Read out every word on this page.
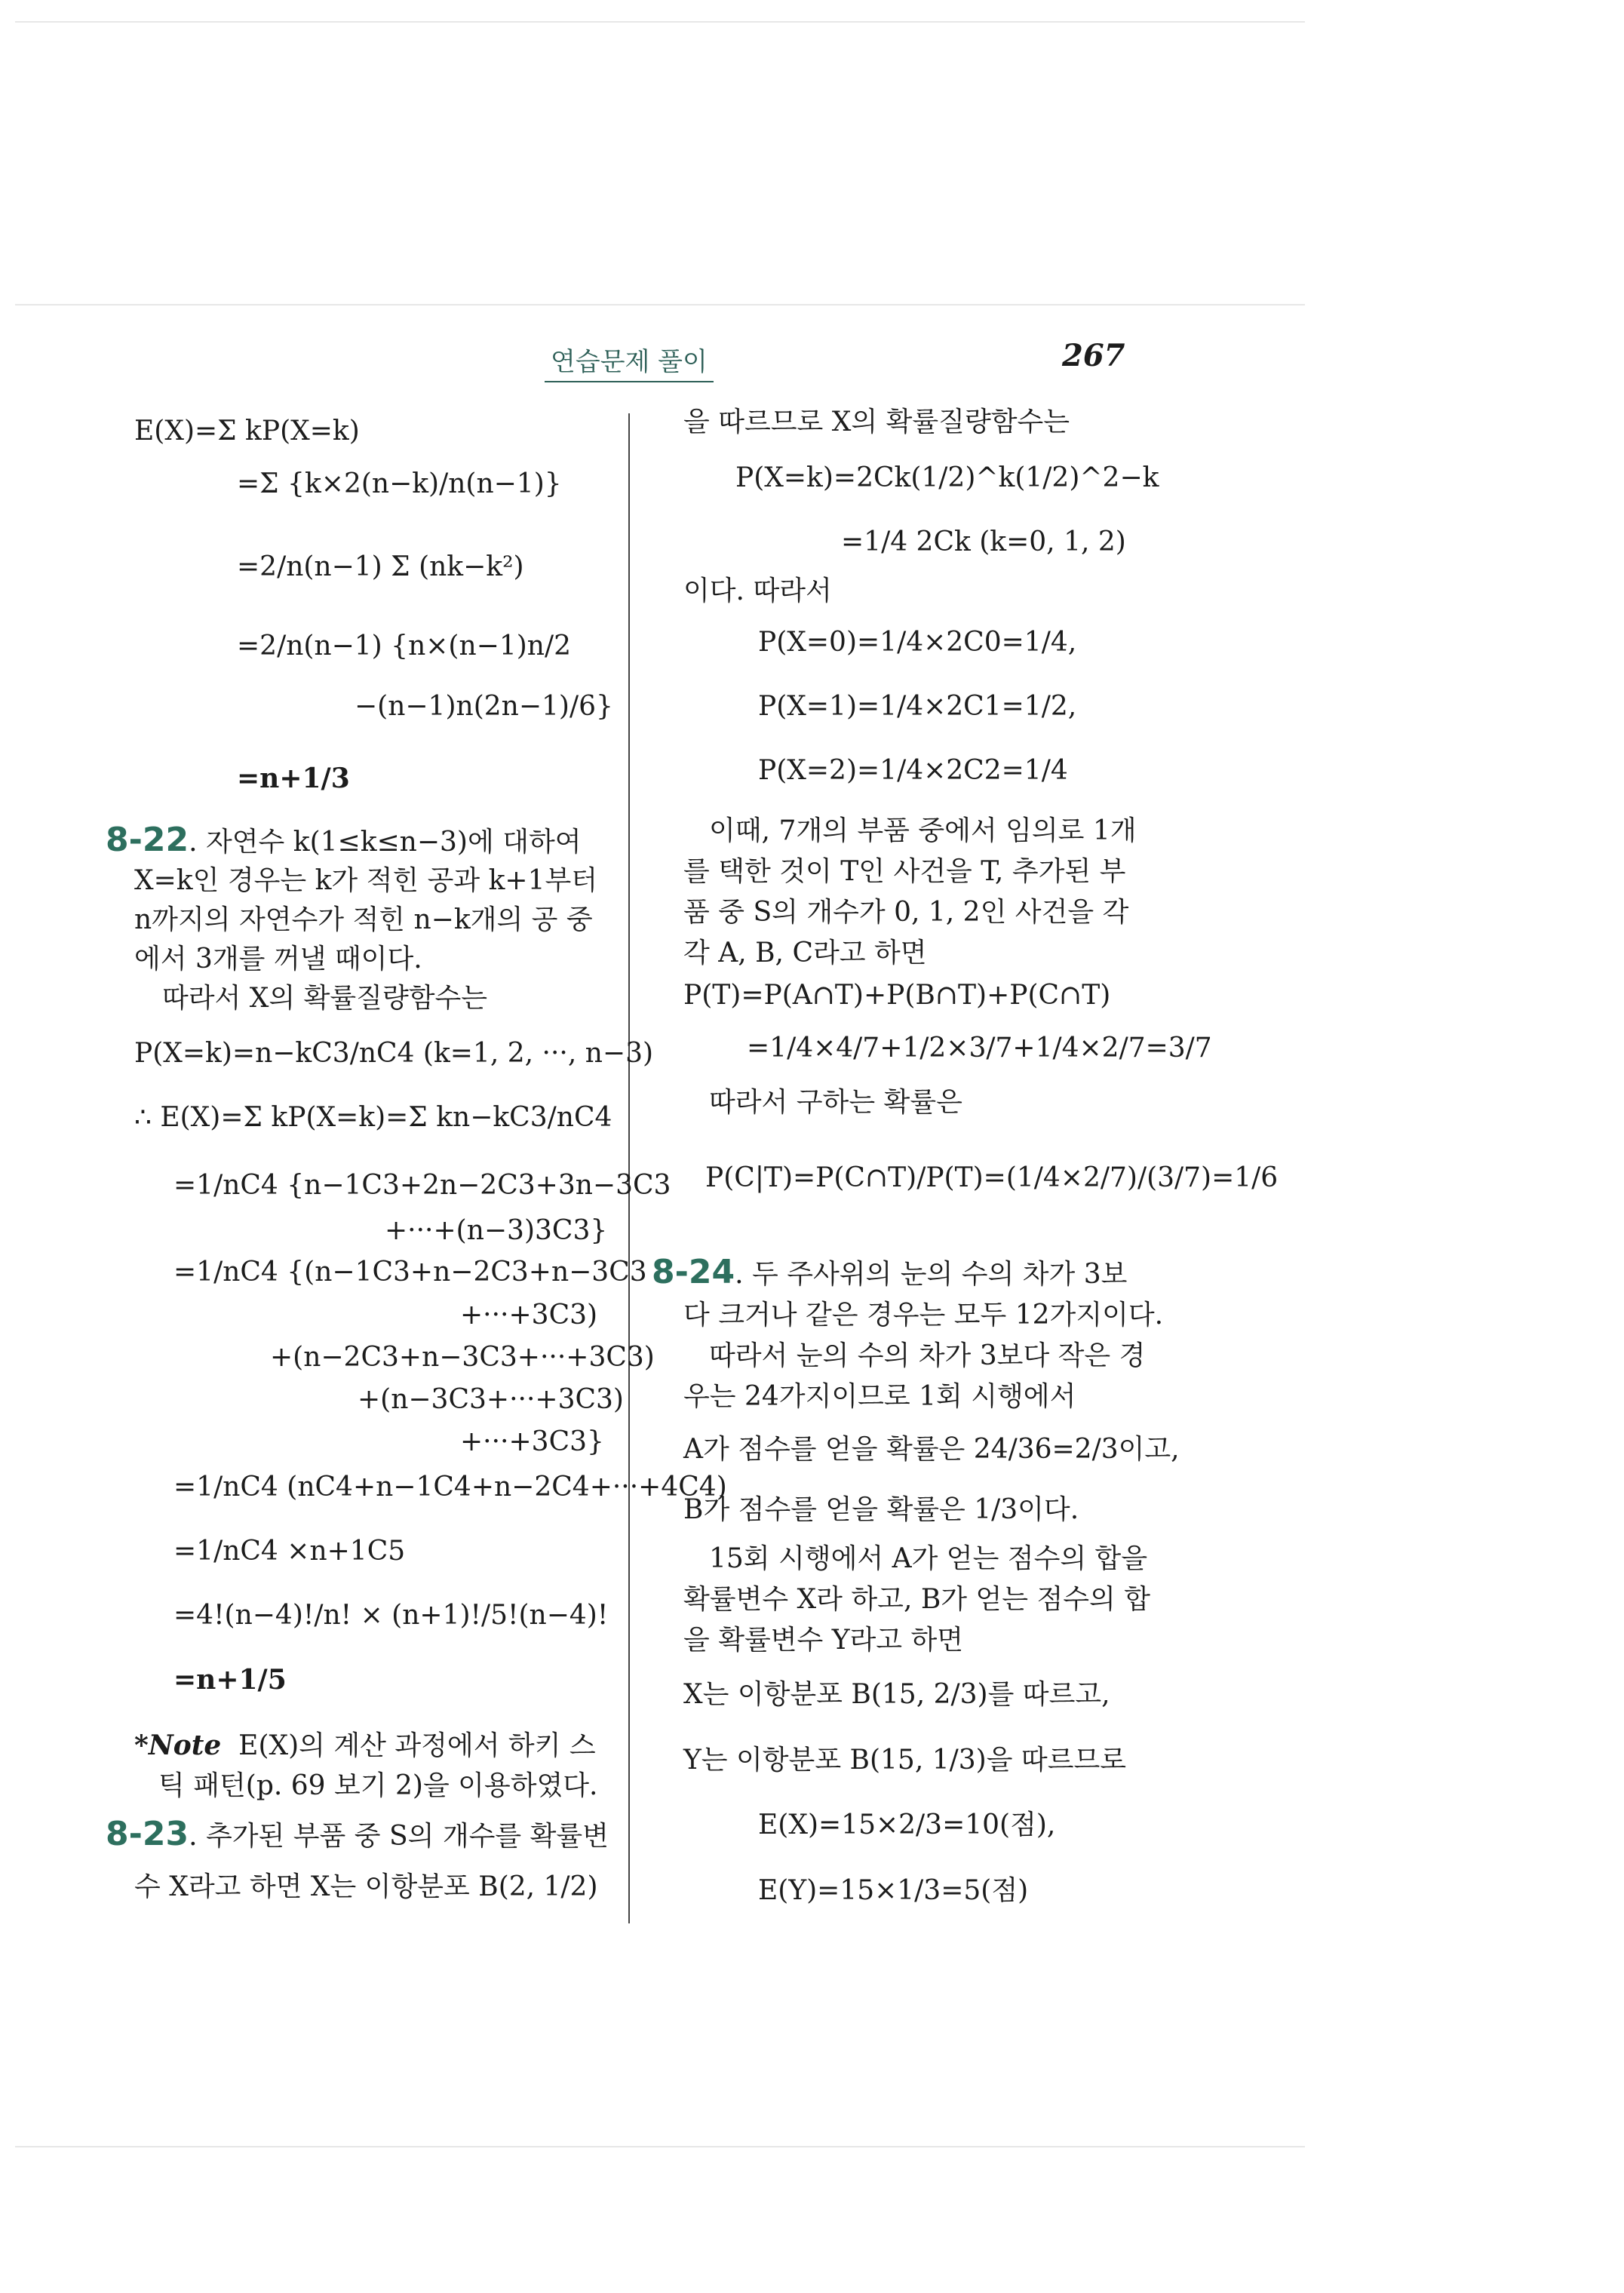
연습문제 풀이	267
E(X)=Σ kP(X=k)
=Σ {k×2(n−k)/n(n−1)}
=2/n(n−1) Σ (nk−k²)
=2/n(n−1) {n×(n−1)n/2
−(n−1)n(2n−1)/6}
=n+1/3
8-22. 자연수 k(1≤k≤n−3)에 대하여
X=k인 경우는 k가 적힌 공과 k+1부터
n까지의 자연수가 적힌 n−k개의 공 중
에서 3개를 꺼낼 때이다.
따라서 X의 확률질량함수는
P(X=k)=n−kC3/nC4 (k=1, 2, ···, n−3)
∴ E(X)=Σ kP(X=k)=Σ kn−kC3/nC4
=1/nC4 {n−1C3+2n−2C3+3n−3C3
+···+(n−3)3C3}
=1/nC4 {(n−1C3+n−2C3+n−3C3
+···+3C3)
+(n−2C3+n−3C3+···+3C3)
+(n−3C3+···+3C3)
+···+3C3}
=1/nC4 (nC4+n−1C4+n−2C4+···+4C4)
=1/nC4 ×n+1C5
=4!(n−4)!/n! × (n+1)!/5!(n−4)!
=n+1/5
*Note E(X)의 계산 과정에서 하키 스
틱 패턴(p. 69 보기 2)을 이용하였다.
8-23. 추가된 부품 중 S의 개수를 확률변
수 X라고 하면 X는 이항분포 B(2, 1/2)
을 따르므로 X의 확률질량함수는
P(X=k)=2Ck(1/2)^k(1/2)^2−k
=1/4 2Ck (k=0, 1, 2)
이다. 따라서
P(X=0)=1/4×2C0=1/4,
P(X=1)=1/4×2C1=1/2,
P(X=2)=1/4×2C2=1/4
이때, 7개의 부품 중에서 임의로 1개
를 택한 것이 T인 사건을 T, 추가된 부
품 중 S의 개수가 0, 1, 2인 사건을 각
각 A, B, C라고 하면
P(T)=P(A∩T)+P(B∩T)+P(C∩T)
=1/4×4/7+1/2×3/7+1/4×2/7=3/7
따라서 구하는 확률은
P(C|T)=P(C∩T)/P(T)=(1/4×2/7)/(3/7)=1/6
8-24. 두 주사위의 눈의 수의 차가 3보
다 크거나 같은 경우는 모두 12가지이다.
따라서 눈의 수의 차가 3보다 작은 경
우는 24가지이므로 1회 시행에서
A가 점수를 얻을 확률은 24/36=2/3이고,
B가 점수를 얻을 확률은 1/3이다.
15회 시행에서 A가 얻는 점수의 합을
확률변수 X라 하고, B가 얻는 점수의 합
을 확률변수 Y라고 하면
X는 이항분포 B(15, 2/3)를 따르고,
Y는 이항분포 B(15, 1/3)을 따르므로
E(X)=15×2/3=10(점),
E(Y)=15×1/3=5(점)
